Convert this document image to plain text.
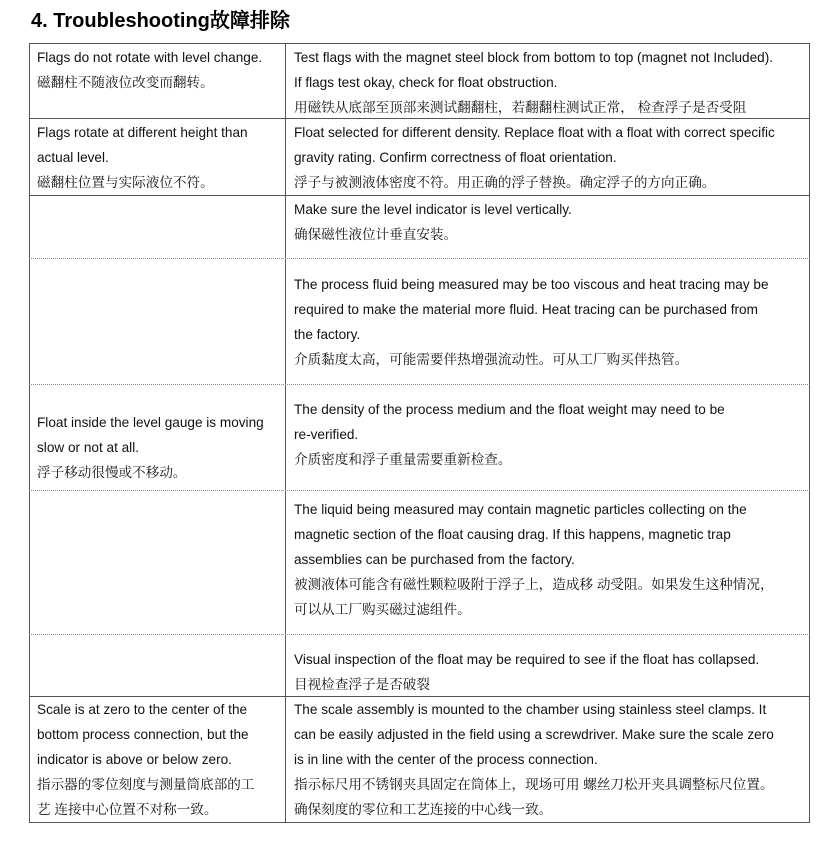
4. Troubleshooting故障排除
Flags do not rotate with level change.
磁翻柱不随液位改变而翻转。
Test flags with the magnet steel block from bottom to top (magnet not Included).
If flags test okay, check for float obstruction.
用磁铁从底部至顶部来测试翻翻柱，若翻翻柱测试正常， 检查浮子是否受阻
Flags rotate at different height than
actual level.
磁翻柱位置与实际液位不符。
Float selected for different density. Replace float with a float with correct specific
gravity rating. Confirm correctness of float orientation.
浮子与被测液体密度不符。用正确的浮子替换。确定浮子的方向正确。
Make sure the level indicator is level vertically.
确保磁性液位计垂直安装。
The process fluid being measured may be too viscous and heat tracing may be
required to make the material more fluid. Heat tracing can be purchased from
the factory.
介质黏度太高，可能需要伴热增强流动性。可从工厂购买伴热管。
Float inside the level gauge is moving
slow or not at all.
浮子移动很慢或不移动。
The density of the process medium and the float weight may need to be
re-verified.
介质密度和浮子重量需要重新检查。
The liquid being measured may contain magnetic particles collecting on the
magnetic section of the float causing drag. If this happens, magnetic trap
assemblies can be purchased from the factory.
被测液体可能含有磁性颗粒吸附于浮子上，造成移 动受阻。如果发生这种情况，
可以从工厂购买磁过滤组件。
Visual inspection of the float may be required to see if the float has collapsed.
目视检查浮子是否破裂
Scale is at zero to the center of the
bottom process connection, but the
indicator is above or below zero.
指示器的零位刻度与测量筒底部的工
艺 连接中心位置不对称一致。
The scale assembly is mounted to the chamber using stainless steel clamps. It
can be easily adjusted in the field using a screwdriver. Make sure the scale zero
is in line with the center of the process connection.
指示标尺用不锈钢夹具固定在筒体上，现场可用 螺丝刀松开夹具调整标尺位置。
确保刻度的零位和工艺连接的中心线一致。
